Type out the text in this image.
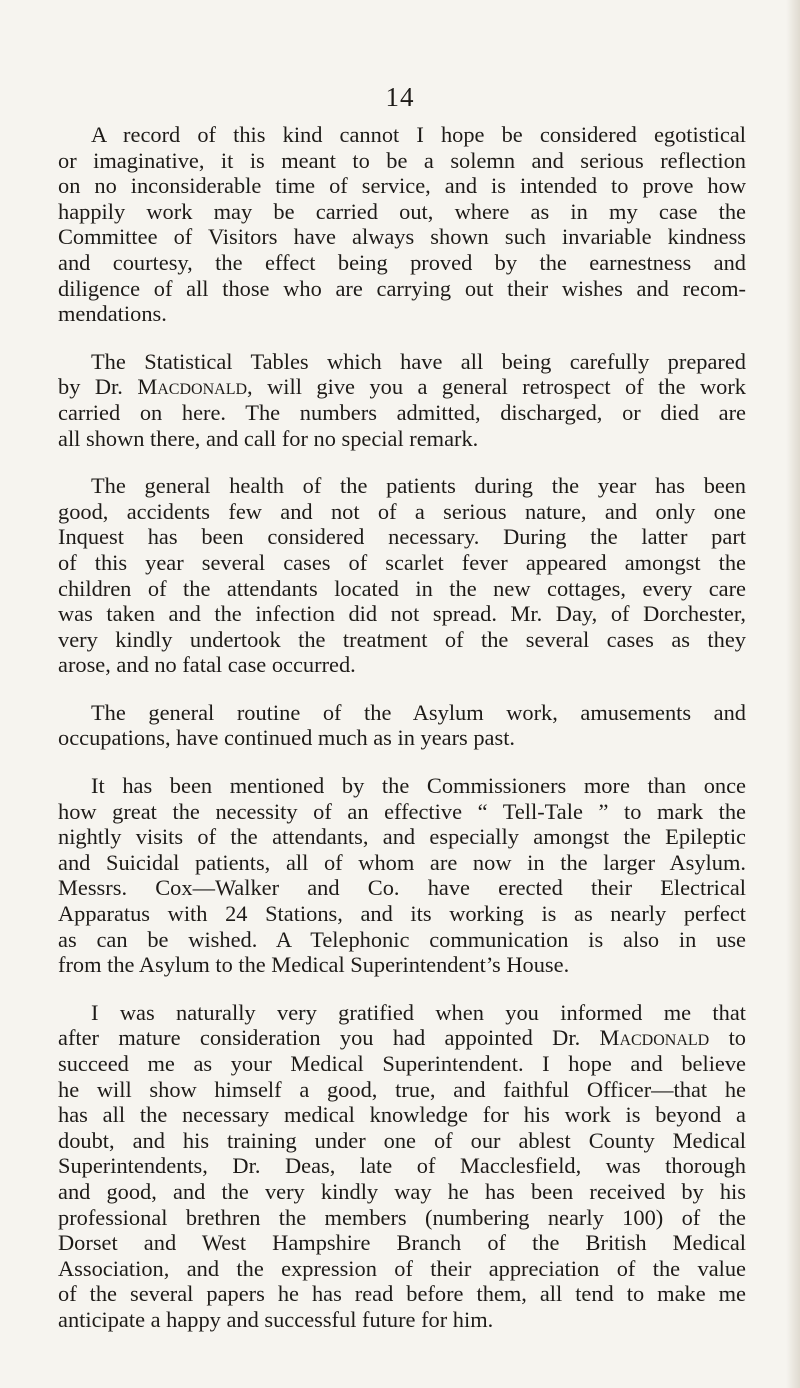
14
A record of this kind cannot I hope be considered egotistical
or imaginative, it is meant to be a solemn and serious reflection
on no inconsiderable time of service, and is intended to prove how
happily work may be carried out, where as in my case the
Committee of Visitors have always shown such invariable kindness
and courtesy, the effect being proved by the earnestness and
diligence of all those who are carrying out their wishes and recom-
mendations.
The Statistical Tables which have all being carefully prepared
by Dr. Macdonald, will give you a general retrospect of the work
carried on here. The numbers admitted, discharged, or died are
all shown there, and call for no special remark.
The general health of the patients during the year has been
good, accidents few and not of a serious nature, and only one
Inquest has been considered necessary. During the latter part
of this year several cases of scarlet fever appeared amongst the
children of the attendants located in the new cottages, every care
was taken and the infection did not spread. Mr. Day, of Dorchester,
very kindly undertook the treatment of the several cases as they
arose, and no fatal case occurred.
The general routine of the Asylum work, amusements and
occupations, have continued much as in years past.
It has been mentioned by the Commissioners more than once
how great the necessity of an effective “ Tell-Tale ” to mark the
nightly visits of the attendants, and especially amongst the Epileptic
and Suicidal patients, all of whom are now in the larger Asylum.
Messrs. Cox—Walker and Co. have erected their Electrical
Apparatus with 24 Stations, and its working is as nearly perfect
as can be wished. A Telephonic communication is also in use
from the Asylum to the Medical Superintendent’s House.
I was naturally very gratified when you informed me that
after mature consideration you had appointed Dr. Macdonald to
succeed me as your Medical Superintendent. I hope and believe
he will show himself a good, true, and faithful Officer—that he
has all the necessary medical knowledge for his work is beyond a
doubt, and his training under one of our ablest County Medical
Superintendents, Dr. Deas, late of Macclesfield, was thorough
and good, and the very kindly way he has been received by his
professional brethren the members (numbering nearly 100) of the
Dorset and West Hampshire Branch of the British Medical
Association, and the expression of their appreciation of the value
of the several papers he has read before them, all tend to make me
anticipate a happy and successful future for him.
